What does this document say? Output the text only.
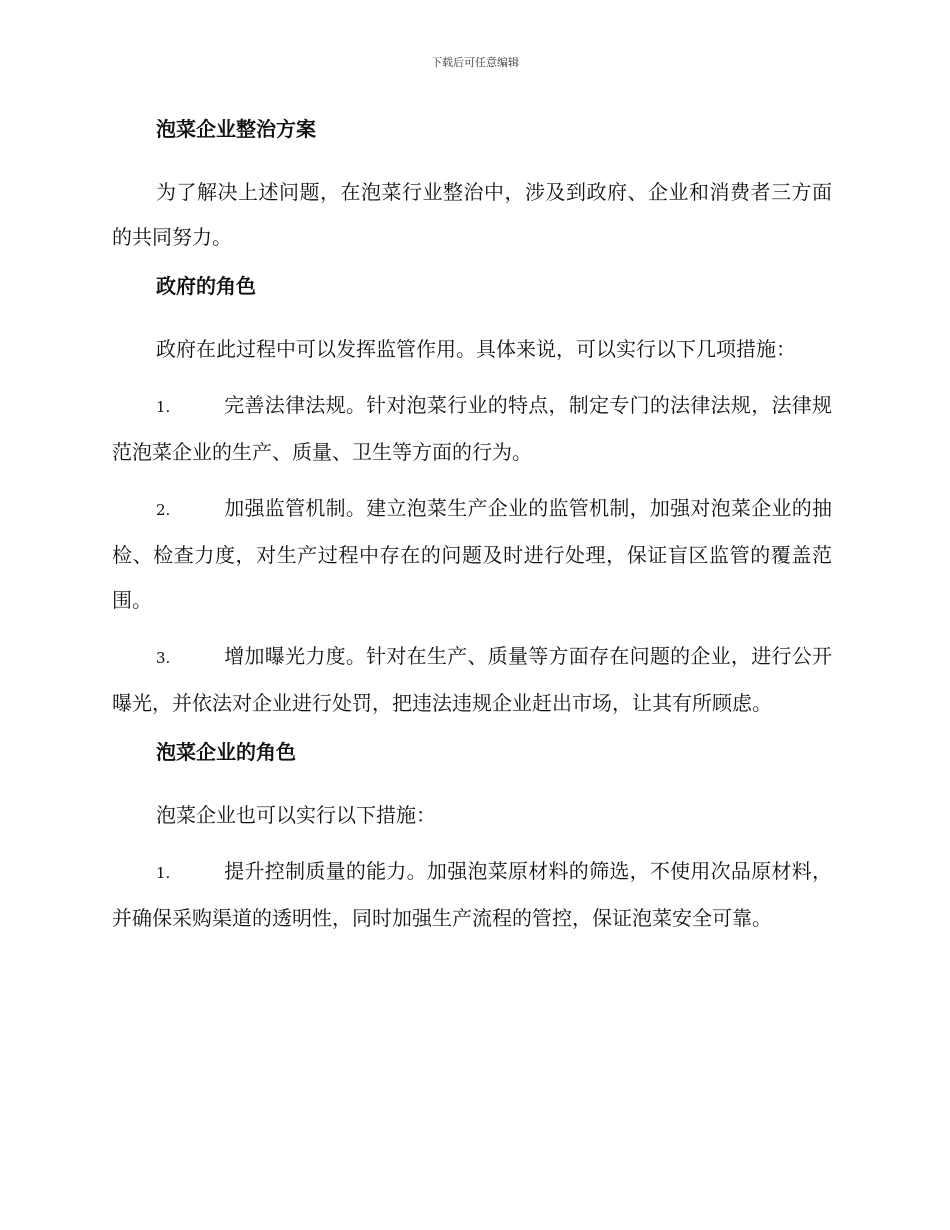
下载后可任意编辑
泡菜企业整治方案
为了解决上述问题，在泡菜行业整治中，涉及到政府、企业和消费者三方面的共同努力。
政府的角色
政府在此过程中可以发挥监管作用。具体来说，可以实行以下几项措施：
1.	完善法律法规。针对泡菜行业的特点，制定专门的法律法规，法律规范泡菜企业的生产、质量、卫生等方面的行为。
2.	加强监管机制。建立泡菜生产企业的监管机制，加强对泡菜企业的抽检、检查力度，对生产过程中存在的问题及时进行处理，保证盲区监管的覆盖范围。
3.	增加曝光力度。针对在生产、质量等方面存在问题的企业，进行公开曝光，并依法对企业进行处罚，把违法违规企业赶出市场，让其有所顾虑。
泡菜企业的角色
泡菜企业也可以实行以下措施：
1.	提升控制质量的能力。加强泡菜原材料的筛选，不使用次品原材料，并确保采购渠道的透明性，同时加强生产流程的管控，保证泡菜安全可靠。
